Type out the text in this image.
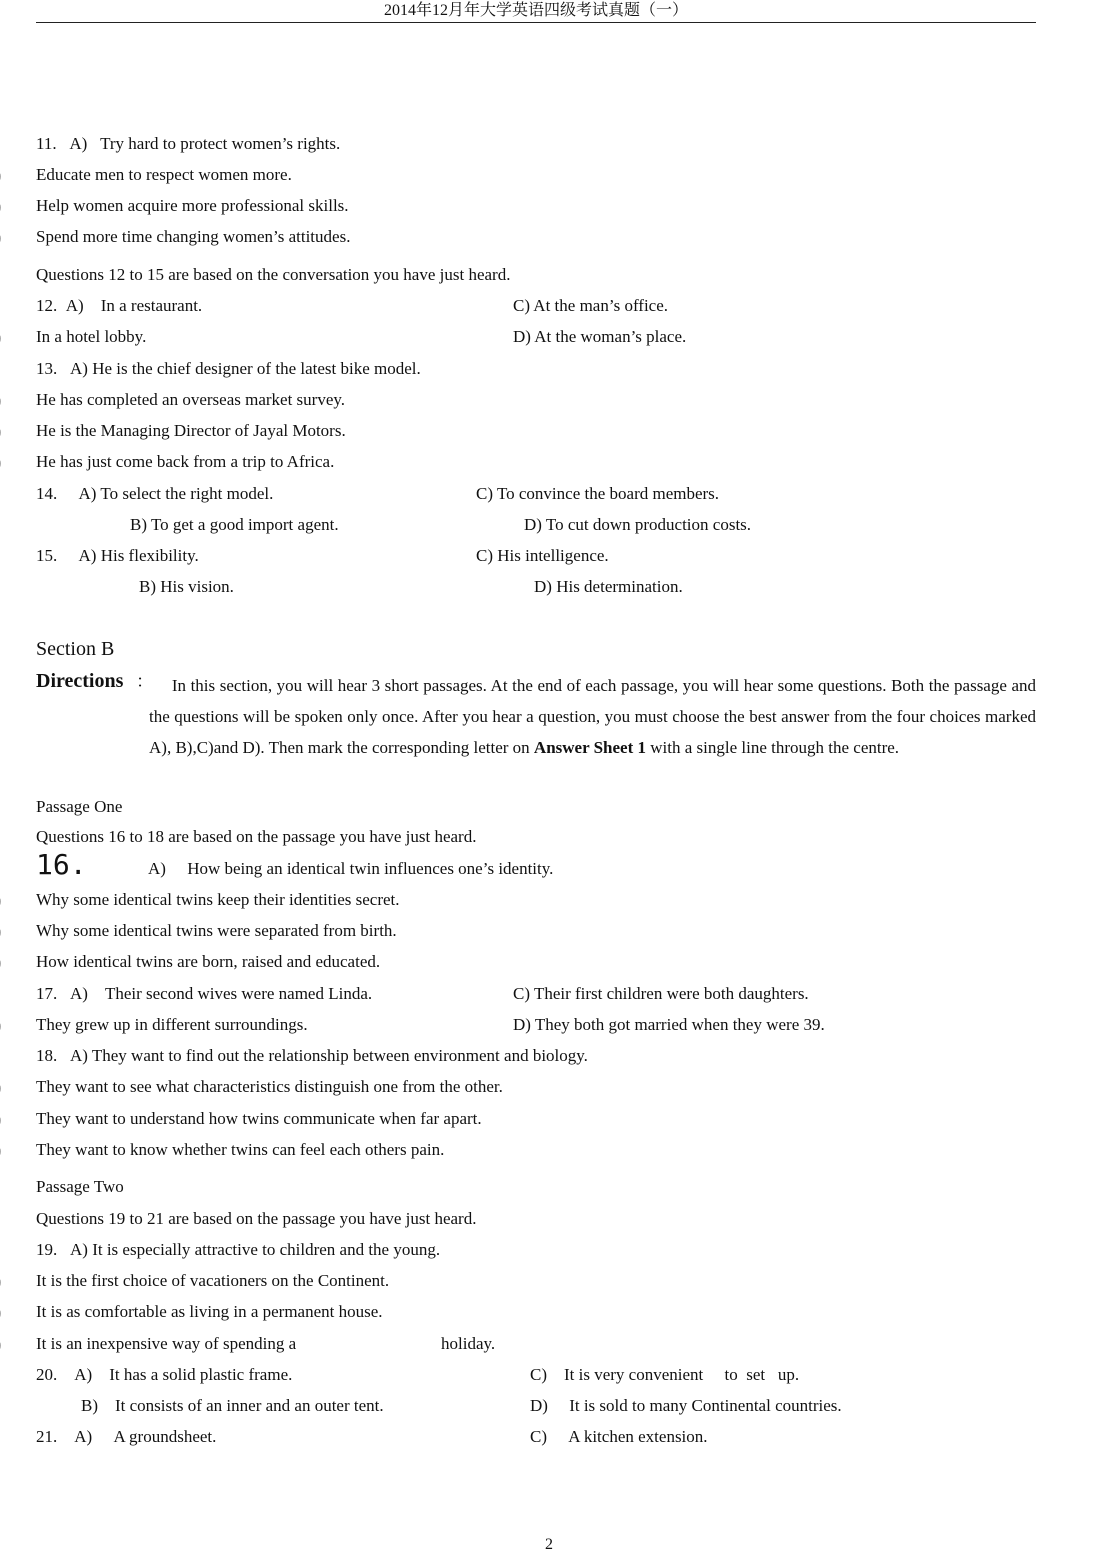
2014年12月年大学英语四级考试真题（一）
11. A) Try hard to protect women’s rights.
Educate men to respect women more.
Help women acquire more professional skills.
Spend more time changing women’s attitudes.
Questions 12 to 15 are based on the conversation you have just heard.
12. A) In a restaurant.	C) At the man’s office.
In a hotel lobby.	D) At the woman’s place.
13. A) He is the chief designer of the latest bike model.
He has completed an overseas market survey.
He is the Managing Director of Jayal Motors.
He has just come back from a trip to Africa.
14. A) To select the right model.	C) To convince the board members.
B) To get a good import agent.	D) To cut down production costs.
15. A) His flexibility.	C) His intelligence.
B) His vision.	D) His determination.
Section B
Directions ：	In this section, you will hear 3 short passages. At the end of each passage, you will hear some questions. Both the passage and the questions will be spoken only once. After you hear a question, you must choose the best answer from the four choices marked A), B),C)and D). Then mark the corresponding letter on Answer Sheet 1 with a single line through the centre.
Passage One
Questions 16 to 18 are based on the passage you have just heard.
16.	A) How being an identical twin influences one’s identity.
Why some identical twins keep their identities secret.
Why some identical twins were separated from birth.
How identical twins are born, raised and educated.
17. A) Their second wives were named Linda.	C) Their first children were both daughters.
They grew up in different surroundings.	D) They both got married when they were 39.
18. A) They want to find out the relationship between environment and biology.
They want to see what characteristics distinguish one from the other.
They want to understand how twins communicate when far apart.
They want to know whether twins can feel each others pain.
Passage Two
Questions 19 to 21 are based on the passage you have just heard.
19. A) It is especially attractive to children and the young.
It is the first choice of vacationers on the Continent.
It is as comfortable as living in a permanent house.
It is an inexpensive way of spending a	holiday.
20. A) It has a solid plastic frame.	C) It is very convenient     to  set   up.
B) It consists of an inner and an outer tent.	D) It is sold to many Continental countries.
21. A) A groundsheet.	C) A kitchen extension.
2
